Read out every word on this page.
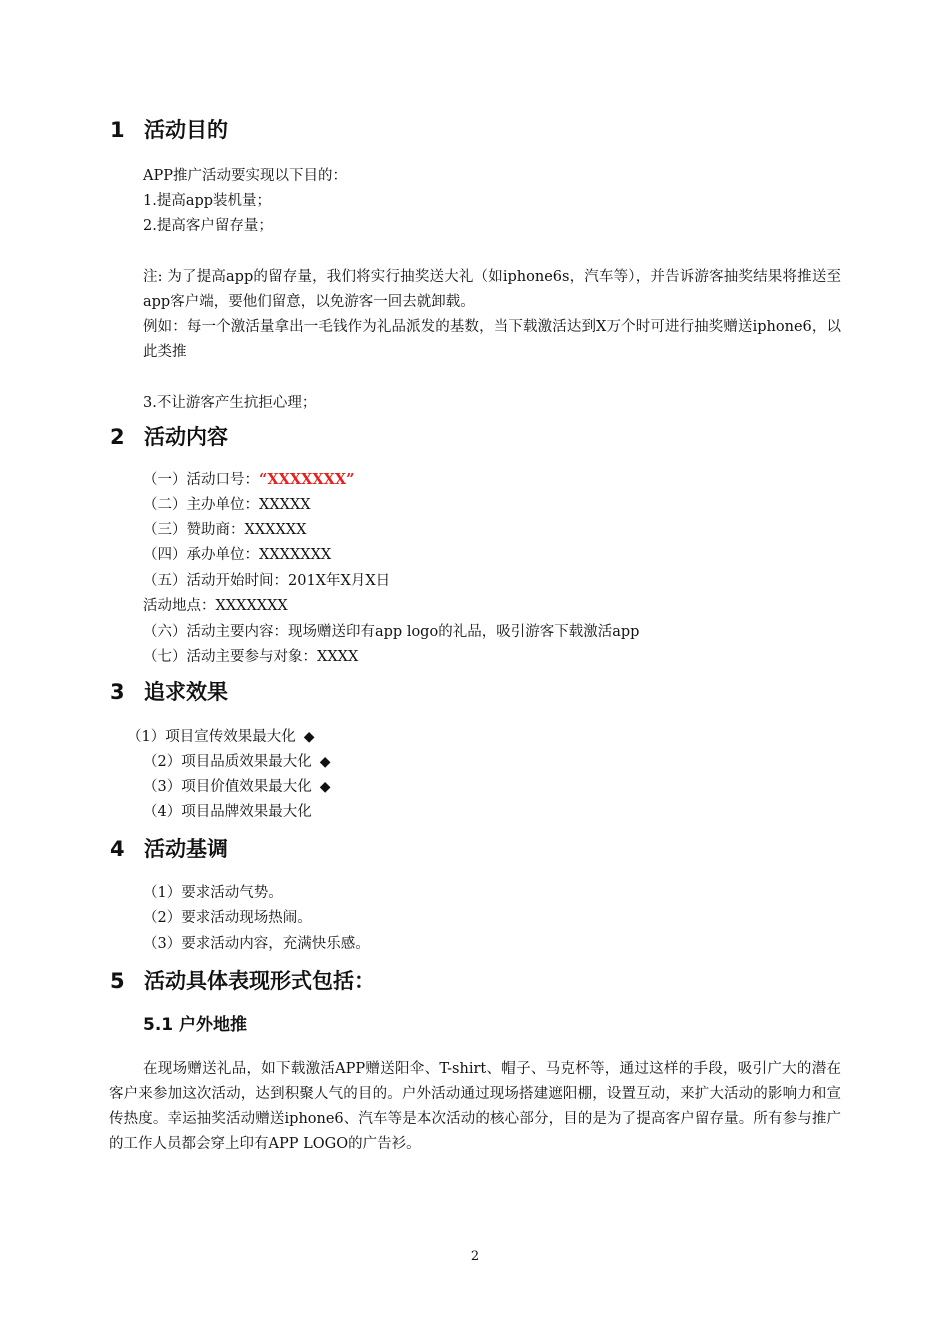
1 活动目的
APP推广活动要实现以下目的：
1.提高app装机量；
2.提高客户留存量；
注: 为了提高app的留存量，我们将实行抽奖送大礼（如iphone6s，汽车等），并告诉游客抽奖结果将推送至app客户端，要他们留意，以免游客一回去就卸载。
例如：每一个激活量拿出一毛钱作为礼品派发的基数，当下载激活达到X万个时可进行抽奖赠送iphone6，以此类推
3.不让游客产生抗拒心理；
2 活动内容
（一）活动口号：“XXXXXXX”
（二）主办单位：XXXXX
（三）赞助商：XXXXXX
（四）承办单位：XXXXXXX
（五）活动开始时间：201X年X月X日
活动地点：XXXXXXX
（六）活动主要内容：现场赠送印有app logo的礼品，吸引游客下载激活app
（七）活动主要参与对象：XXXX
3 追求效果
（1）项目宣传效果最大化 ◆
（2）项目品质效果最大化 ◆
（3）项目价值效果最大化 ◆
（4）项目品牌效果最大化
4 活动基调
（1）要求活动气势。
（2）要求活动现场热闹。
（3）要求活动内容，充满快乐感。
5 活动具体表现形式包括：
5.1 户外地推
在现场赠送礼品，如下载激活APP赠送阳伞、T-shirt、帽子、马克杯等，通过这样的手段，吸引广大的潜在客户来参加这次活动，达到积聚人气的目的。户外活动通过现场搭建遮阳棚，设置互动，来扩大活动的影响力和宣传热度。幸运抽奖活动赠送iphone6、汽车等是本次活动的核心部分，目的是为了提高客户留存量。所有参与推广的工作人员都会穿上印有APP LOGO的广告衫。
2
